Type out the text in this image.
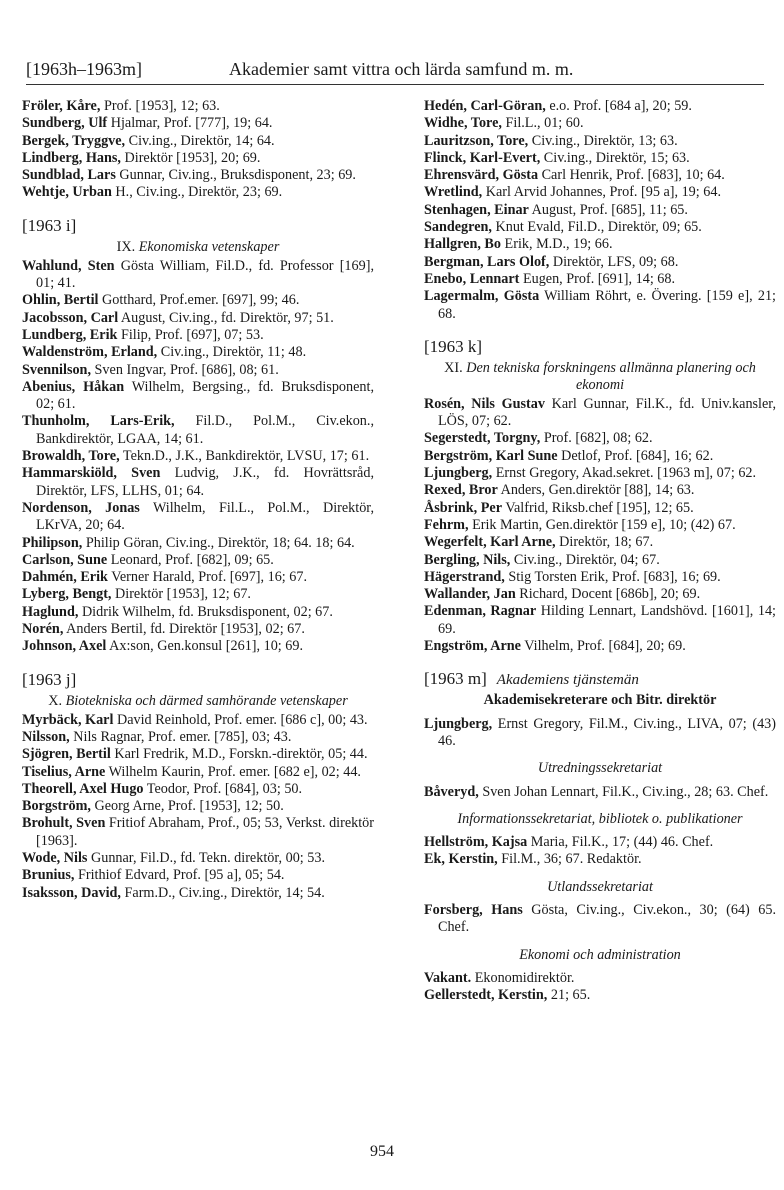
[1963h–1963m]	Akademier samt vittra och lärda samfund m. m.

Fröler, Kåre, Prof. [1953], 12; 63.

Sundberg, Ulf Hjalmar, Prof. [777], 19; 64.

Bergek, Tryggve, Civ.ing., Direktör, 14; 64.

Lindberg, Hans, Direktör [1953], 20; 69.

Sundblad, Lars Gunnar, Civ.ing., Bruksdisponent, 23; 69.

Wehtje, Urban H., Civ.ing., Direktör, 23; 69.

[1963 i]
IX. Ekonomiska vetenskaper

Wahlund, Sten Gösta William, Fil.D., fd. Professor [169], 01; 41.

Ohlin, Bertil Gotthard, Prof.emer. [697], 99; 46.

Jacobsson, Carl August, Civ.ing., fd. Direktör, 97; 51.

Lundberg, Erik Filip, Prof. [697], 07; 53.

Waldenström, Erland, Civ.ing., Direktör, 11; 48.

Svennilson, Sven Ingvar, Prof. [686], 08; 61.

Abenius, Håkan Wilhelm, Bergsing., fd. Bruksdisponent, 02; 61.

Thunholm, Lars-Erik, Fil.D., Pol.M., Civ.ekon., Bankdirektör, LGAA, 14; 61.

Browaldh, Tore, Tekn.D., J.K., Bankdirektör, LVSU, 17; 61.

Hammarskiöld, Sven Ludvig, J.K., fd. Hovrättsråd, Direktör, LFS, LLHS, 01; 64.

Nordenson, Jonas Wilhelm, Fil.L., Pol.M., Direktör, LKrVA, 20; 64.

Philipson, Philip Göran, Civ.ing., Direktör, 18; 64. 18; 64.

Carlson, Sune Leonard, Prof. [682], 09; 65.

Dahmén, Erik Verner Harald, Prof. [697], 16; 67.

Lyberg, Bengt, Direktör [1953], 12; 67.

Haglund, Didrik Wilhelm, fd. Bruksdisponent, 02; 67.

Norén, Anders Bertil, fd. Direktör [1953], 02; 67.

Johnson, Axel Ax:son, Gen.konsul [261], 10; 69.

[1963 j]
X. Biotekniska och därmed samhörande vetenskaper

Myrbäck, Karl David Reinhold, Prof. emer. [686 c], 00; 43.

Nilsson, Nils Ragnar, Prof. emer. [785], 03; 43.

Sjögren, Bertil Karl Fredrik, M.D., Forskn.-direktör, 05; 44.

Tiselius, Arne Wilhelm Kaurin, Prof. emer. [682 e], 02; 44.

Theorell, Axel Hugo Teodor, Prof. [684], 03; 50.

Borgström, Georg Arne, Prof. [1953], 12; 50.

Brohult, Sven Fritiof Abraham, Prof., 05; 53, Verkst. direktör [1963].

Wode, Nils Gunnar, Fil.D., fd. Tekn. direktör, 00; 53.

Brunius, Frithiof Edvard, Prof. [95 a], 05; 54.

Isaksson, David, Farm.D., Civ.ing., Direktör, 14; 54.

Hedén, Carl-Göran, e.o. Prof. [684 a], 20; 59.

Widhe, Tore, Fil.L., 01; 60.

Lauritzson, Tore, Civ.ing., Direktör, 13; 63.

Flinck, Karl-Evert, Civ.ing., Direktör, 15; 63.

Ehrensvärd, Gösta Carl Henrik, Prof. [683], 10; 64.

Wretlind, Karl Arvid Johannes, Prof. [95 a], 19; 64.

Stenhagen, Einar August, Prof. [685], 11; 65.

Sandegren, Knut Evald, Fil.D., Direktör, 09; 65.

Hallgren, Bo Erik, M.D., 19; 66.

Bergman, Lars Olof, Direktör, LFS, 09; 68.

Enebo, Lennart Eugen, Prof. [691], 14; 68.

Lagermalm, Gösta William Röhrt, e. Övering. [159 e], 21; 68.

[1963 k]
XI. Den tekniska forskningens allmänna planering och ekonomi

Rosén, Nils Gustav Karl Gunnar, Fil.K., fd. Univ.kansler, LÖS, 07; 62.

Segerstedt, Torgny, Prof. [682], 08; 62.

Bergström, Karl Sune Detlof, Prof. [684], 16; 62.

Ljungberg, Ernst Gregory, Akad.sekret. [1963 m], 07; 62.

Rexed, Bror Anders, Gen.direktör [88], 14; 63.

Åsbrink, Per Valfrid, Riksb.chef [195], 12; 65.

Fehrm, Erik Martin, Gen.direktör [159 e], 10; (42) 67.

Wegerfelt, Karl Arne, Direktör, 18; 67.

Bergling, Nils, Civ.ing., Direktör, 04; 67.

Hägerstrand, Stig Torsten Erik, Prof. [683], 16; 69.

Wallander, Jan Richard, Docent [686b], 20; 69.

Edenman, Ragnar Hilding Lennart, Landshövd. [1601], 14; 69.

Engström, Arne Vilhelm, Prof. [684], 20; 69.

[1963 m] Akademiens tjänstemän
Akademisekreterare och Bitr. direktör

Ljungberg, Ernst Gregory, Fil.M., Civ.ing., LIVA, 07; (43) 46.

Utredningssekretariat

Båveryd, Sven Johan Lennart, Fil.K., Civ.ing., 28; 63. Chef.

Informationssekretariat, bibliotek o. publikationer

Hellström, Kajsa Maria, Fil.K., 17; (44) 46. Chef.

Ek, Kerstin, Fil.M., 36; 67. Redaktör.

Utlandssekretariat

Forsberg, Hans Gösta, Civ.ing., Civ.ekon., 30; (64) 65. Chef.

Ekonomi och administration

Vakant. Ekonomidirektör.

Gellerstedt, Kerstin, 21; 65.

954
